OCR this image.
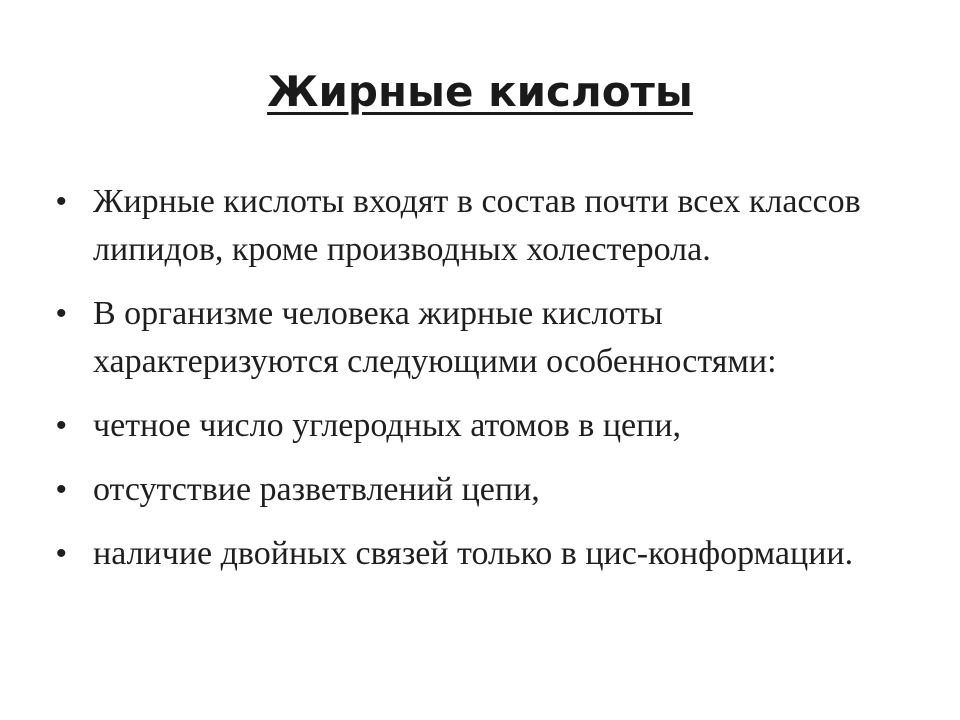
Жирные кислоты
• Жирные кислоты входят в состав почти всех классов липидов, кроме производных холестерола.
• В организме человека жирные кислоты характеризуются следующими особенностями:
• четное число углеродных атомов в цепи,
• отсутствие разветвлений цепи,
• наличие двойных связей только в цис-конформации.
